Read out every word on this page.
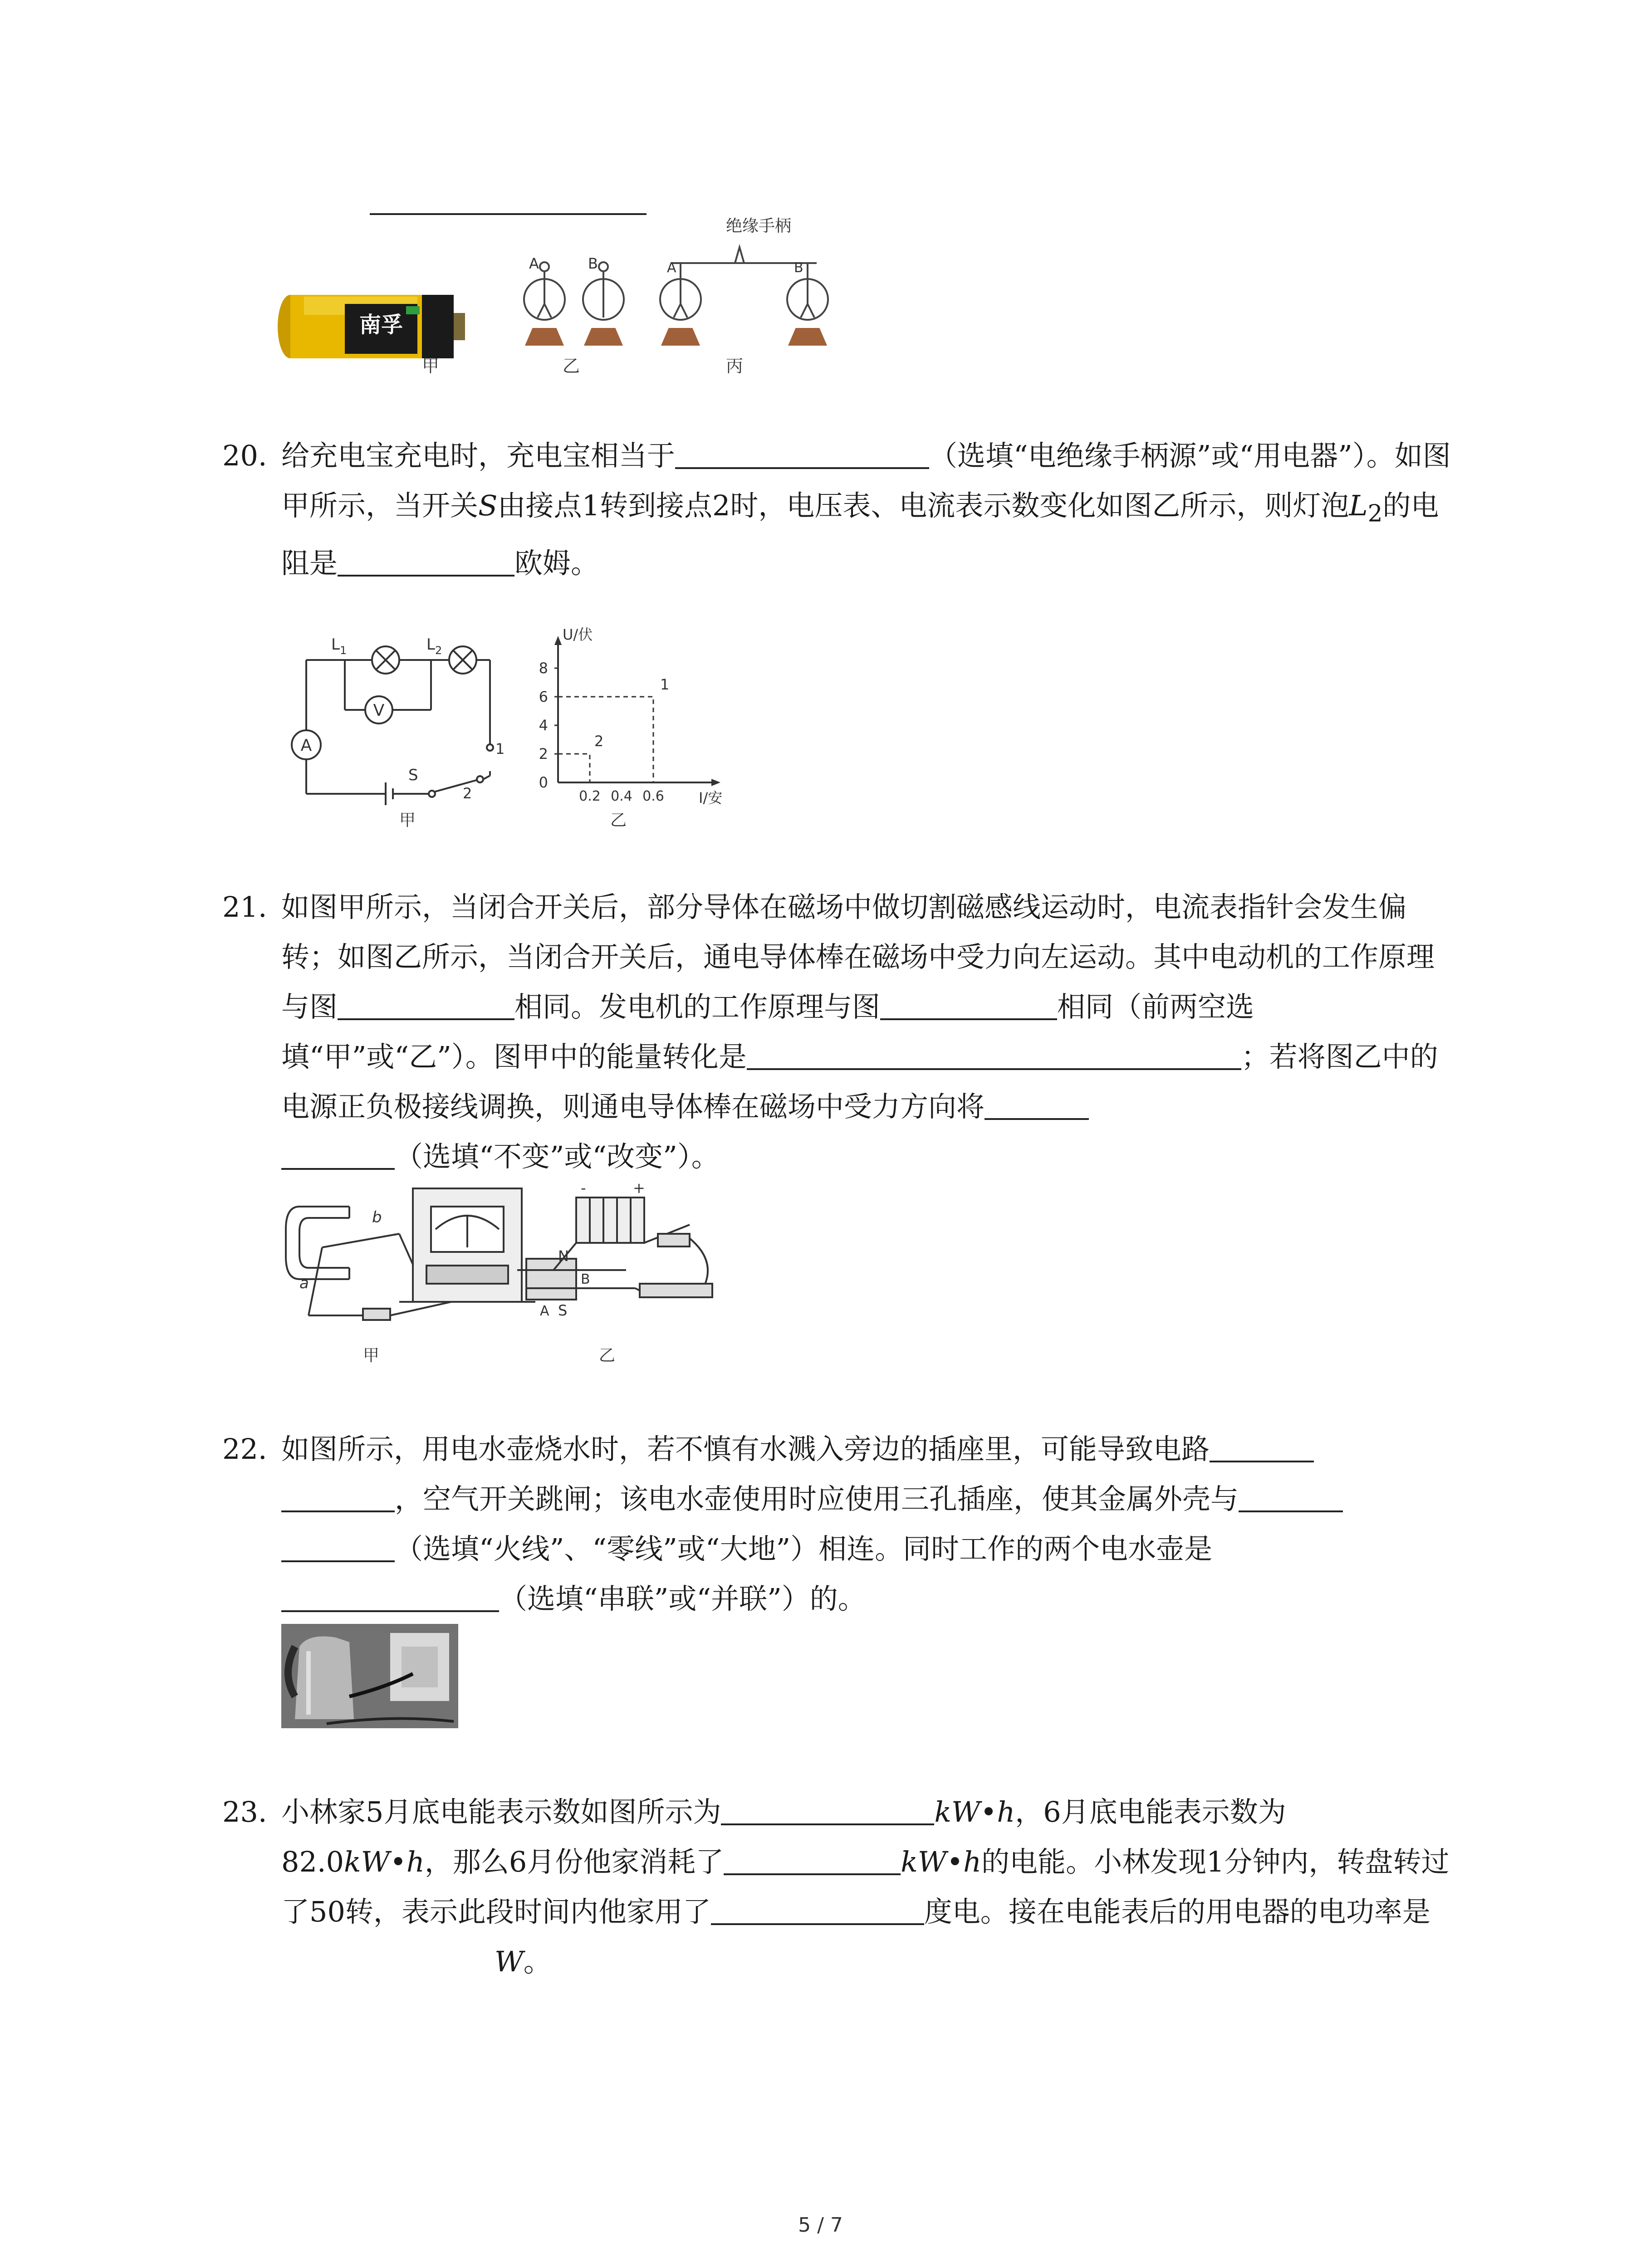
南孚
A	B
绝缘手柄
A	B
甲	乙	丙
20. 给充电宝充电时，充电宝相当于	（选填“电绝缘手柄源”或“用电器”）。如图甲所示，当开关S由接点1转到接点2时，电压表、电流表示数变化如图乙所示，则灯泡$L_2$的电阻是	欧姆。
$L_1$	$L_2$
V
A
S
1
2
甲
U/伏
I/安
0
2
4
6
8
0.2 0.4 0.6
1
2
乙
21. 如图甲所示，当闭合开关后，部分导体在磁场中做切割磁感线运动时，电流表指针会发生偏转；如图乙所示，当闭合开关后，通电导体棒在磁场中受力向左运动。其中电动机的工作原理与图	相同。发电机的工作原理与图	相同（前两空选填“甲”或“乙”）。图甲中的能量转化是	；若将图乙中的电源正负极接线调换，则通电导体棒在磁场中受力方向将
（选填“不变”或“改变”）。
a
b
甲
N
S
A
B
-	+
乙
22. 如图所示，用电水壶烧水时，若不慎有水溅入旁边的插座里，可能导致电路
，空气开关跳闸；该电水壶使用时应使用三孔插座，使其金属外壳与
（选填“火线”、“零线”或“大地”）相连。同时工作的两个电水壶是
（选填“串联”或“并联”）的。
23. 小林家5月底电能表示数如图所示为	kW•h，6月底电能表示数为
82.0kW•h，那么6月份他家消耗了	kW•h的电能。小林发现1分钟内，转盘转过了50转，表示此段时间内他家用了	度电。接在电能表后的用电器的电功率是W。
5 / 7
